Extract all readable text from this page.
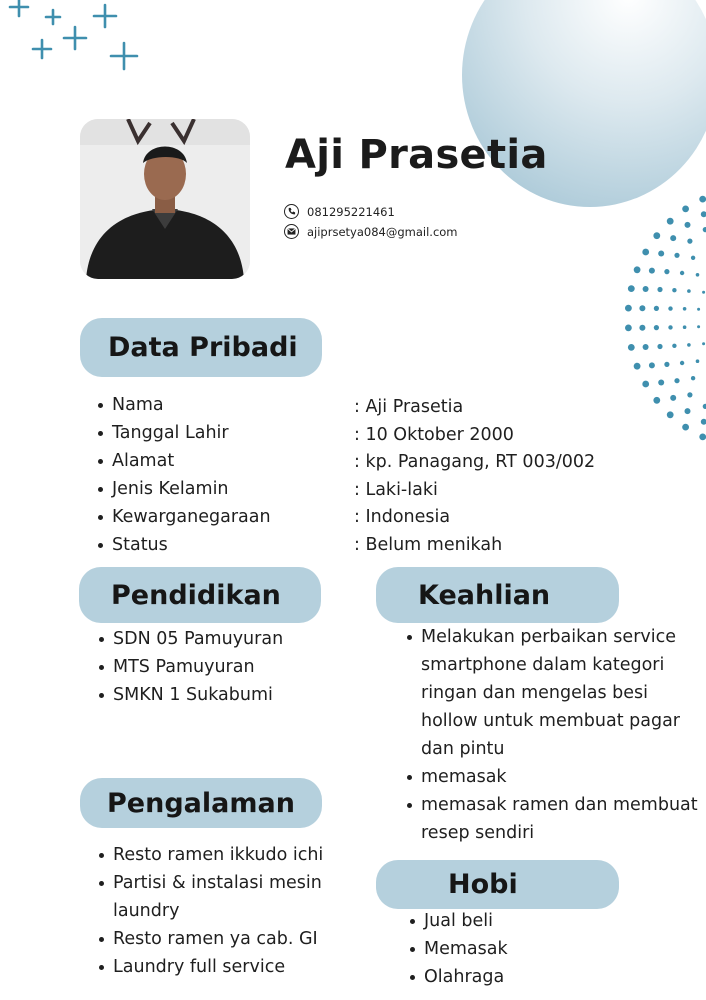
Aji Prasetia
081295221461
ajiprsetya084@gmail.com
Data Pribadi
Nama
Tanggal Lahir
Alamat
Jenis Kelamin
Kewarganegaraan
Status
: Aji Prasetia
: 10 Oktober 2000
: kp. Panagang, RT 003/002
: Laki-laki
: Indonesia
: Belum menikah
Pendidikan
SDN 05 Pamuyuran
MTS Pamuyuran
SMKN 1 Sukabumi
Keahlian
Melakukan perbaikan service smartphone dalam kategori ringan dan mengelas besi hollow untuk membuat pagar dan pintu
memasak
memasak ramen dan membuat resep sendiri
Pengalaman
Resto ramen ikkudo ichi
Partisi & instalasi mesin laundry
Resto ramen ya cab. GI
Laundry full service
Hobi
Jual beli
Memasak
Olahraga
